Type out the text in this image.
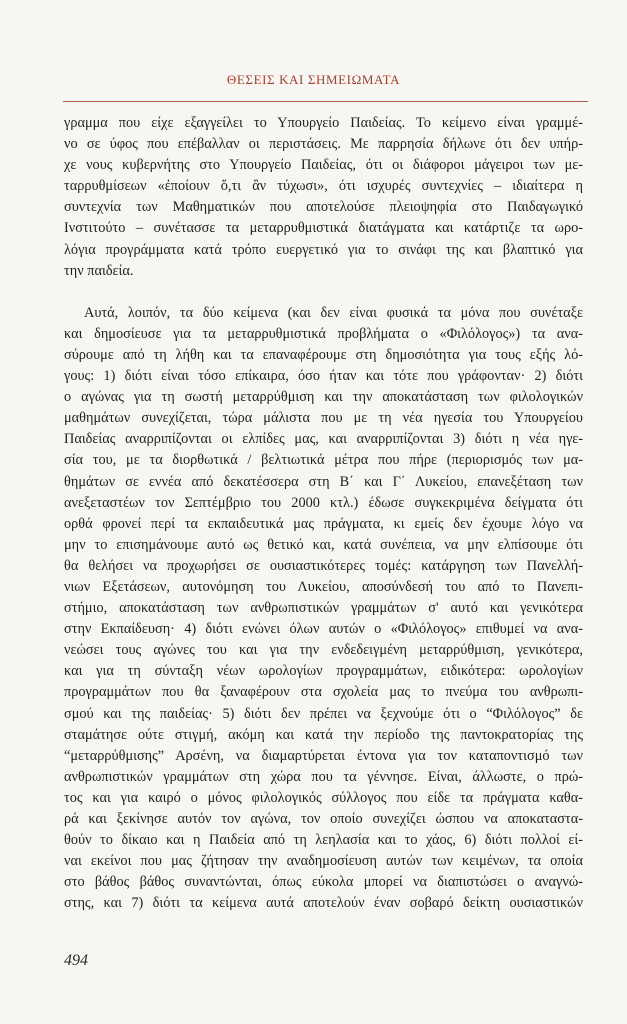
ΘΕΣΕΙΣ ΚΑΙ ΣΗΜΕΙΩΜΑΤΑ

γραμμα που είχε εξαγγείλει το Υπουργείο Παιδείας. Το κείμενο είναι γραμμέ-
νο σε ύφος που επέβαλλαν οι περιστάσεις. Με παρρησία δήλωνε ότι δεν υπήρ-
χε νους κυβερνήτης στο Υπουργείο Παιδείας, ότι οι διάφοροι μάγειροι των με-
ταρρυθμίσεων «ἐποίουν ὅ,τι ἂν τύχωσι», ότι ισχυρές συντεχνίες – ιδιαίτερα η
συντεχνία των Μαθηματικών που αποτελούσε πλειοψηφία στο Παιδαγωγικό
Ινστιτούτο – συνέτασσε τα μεταρρυθμιστικά διατάγματα και κατάρτιζε τα ωρο-
λόγια προγράμματα κατά τρόπο ευεργετικό για το σινάφι της και βλαπτικό για
την παιδεία.

Αυτά, λοιπόν, τα δύο κείμενα (και δεν είναι φυσικά τα μόνα που συνέταξε
και δημοσίευσε για τα μεταρρυθμιστικά προβλήματα ο «Φιλόλογος») τα ανα-
σύρουμε από τη λήθη και τα επαναφέρουμε στη δημοσιότητα για τους εξής λό-
γους: 1) διότι είναι τόσο επίκαιρα, όσο ήταν και τότε που γράφονταν· 2) διότι
ο αγώνας για τη σωστή μεταρρύθμιση και την αποκατάσταση των φιλολογικών
μαθημάτων συνεχίζεται, τώρα μάλιστα που με τη νέα ηγεσία του Υπουργείου
Παιδείας αναρριπίζονται οι ελπίδες μας, και αναρριπίζονται 3) διότι η νέα ηγε-
σία του, με τα διορθωτικά / βελτιωτικά μέτρα που πήρε (περιορισμός των μα-
θημάτων σε εννέα από δεκατέσσερα στη Β΄ και Γ΄ Λυκείου, επανεξέταση των
ανεξεταστέων τον Σεπτέμβριο του 2000 κτλ.) έδωσε συγκεκριμένα δείγματα ότι
ορθά φρονεί περί τα εκπαιδευτικά μας πράγματα, κι εμείς δεν έχουμε λόγο να
μην το επισημάνουμε αυτό ως θετικό και, κατά συνέπεια, να μην ελπίσουμε ότι
θα θελήσει να προχωρήσει σε ουσιαστικότερες τομές: κατάργηση των Πανελλή-
νιων Εξετάσεων, αυτονόμηση του Λυκείου, αποσύνδεσή του από το Πανεπι-
στήμιο, αποκατάσταση των ανθρωπιστικών γραμμάτων σ' αυτό και γενικότερα
στην Εκπαίδευση· 4) διότι ενώνει όλων αυτών ο «Φιλόλογος» επιθυμεί να ανα-
νεώσει τους αγώνες του και για την ενδεδειγμένη μεταρρύθμιση, γενικότερα,
και για τη σύνταξη νέων ωρολογίων προγραμμάτων, ειδικότερα: ωρολογίων
προγραμμάτων που θα ξαναφέρουν στα σχολεία μας το πνεύμα του ανθρωπι-
σμού και της παιδείας· 5) διότι δεν πρέπει να ξεχνούμε ότι ο “Φιλόλογος” δε
σταμάτησε ούτε στιγμή, ακόμη και κατά την περίοδο της παντοκρατορίας της
“μεταρρύθμισης” Αρσένη, να διαμαρτύρεται έντονα για τον καταποντισμό των
ανθρωπιστικών γραμμάτων στη χώρα που τα γέννησε. Είναι, άλλωστε, ο πρώ-
τος και για καιρό ο μόνος φιλολογικός σύλλογος που είδε τα πράγματα καθα-
ρά και ξεκίνησε αυτόν τον αγώνα, τον οποίο συνεχίζει ώσπου να αποκαταστα-
θούν το δίκαιο και η Παιδεία από τη λεηλασία και το χάος, 6) διότι πολλοί εί-
ναι εκείνοι που μας ζήτησαν την αναδημοσίευση αυτών των κειμένων, τα οποία
στο βάθος βάθος συναντώνται, όπως εύκολα μπορεί να διαπιστώσει ο αναγνώ-
στης, και 7) διότι τα κείμενα αυτά αποτελούν έναν σοβαρό δείκτη ουσιαστικών

494
